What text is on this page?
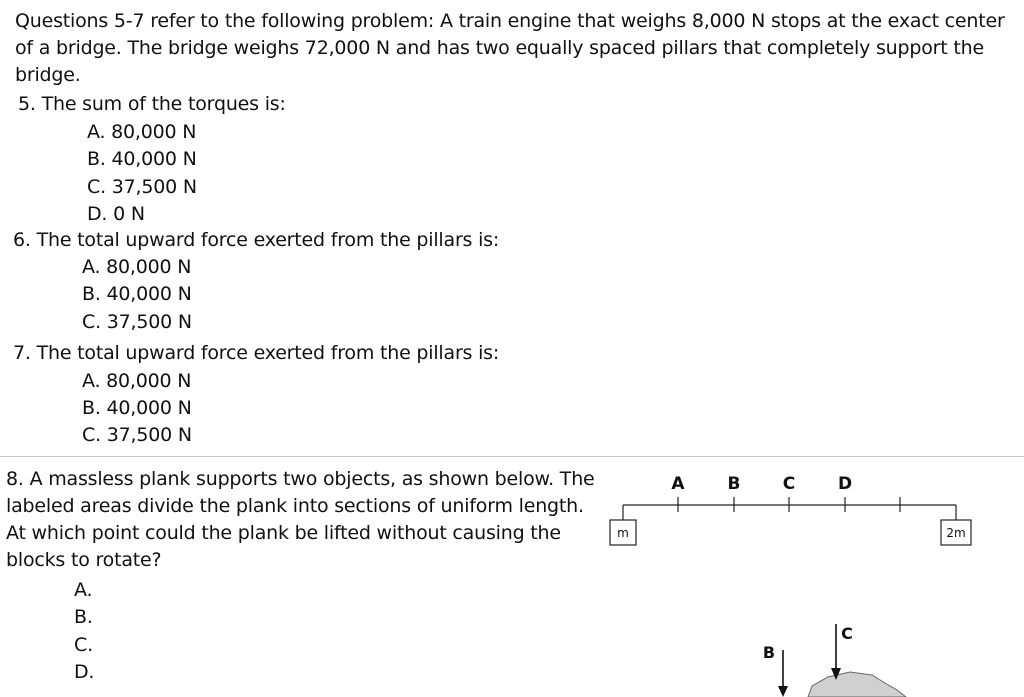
Questions 5-7 refer to the following problem: A train engine that weighs 8,000 N stops at the exact center of a bridge. The bridge weighs 72,000 N and has two equally spaced pillars that completely support the bridge.
5. The sum of the torques is:
A. 80,000 N
B. 40,000 N
C. 37,500 N
D. 0 N
6. The total upward force exerted from the pillars is:
A. 80,000 N
B. 40,000 N
C. 37,500 N
7. The total upward force exerted from the pillars is:
A. 80,000 N
B. 40,000 N
C. 37,500 N
8. A massless plank supports two objects, as shown below. The labeled areas divide the plank into sections of uniform length. At which point could the plank be lifted without causing the blocks to rotate?
A.
B.
C.
D.
A	B C	D
m	2m
B
C
